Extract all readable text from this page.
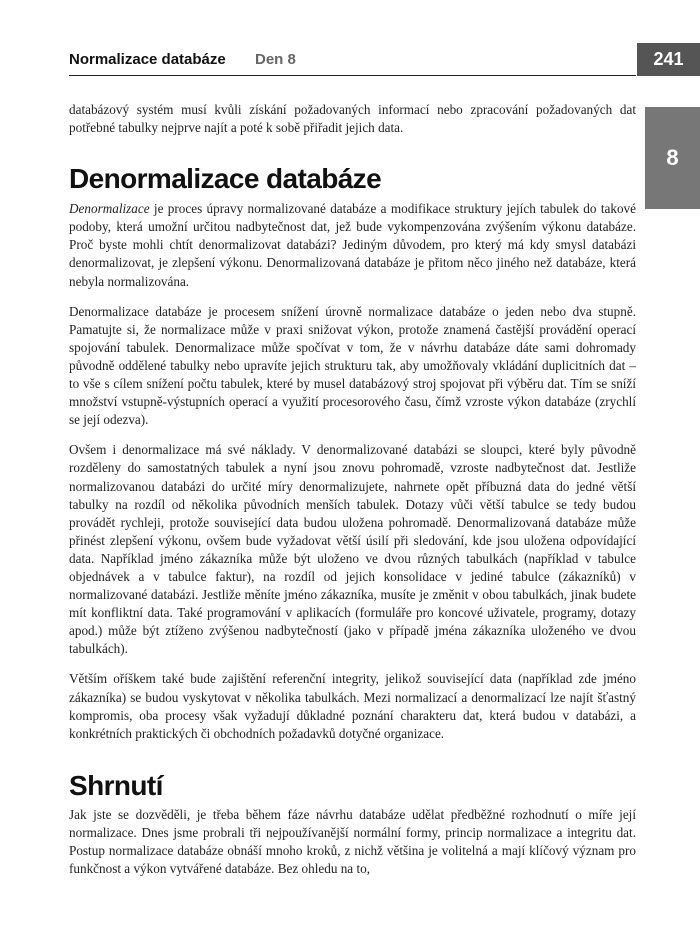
Normalizace databáze Den 8	241
8

databázový systém musí kvůli získání požadovaných informací nebo zpracování požadovaných dat potřebné tabulky nejprve najít a poté k sobě přiřadit jejich data.

Denormalizace databáze

Denormalizace je proces úpravy normalizované databáze a modifikace struktury jejích tabulek do takové podoby, která umožní určitou nadbytečnost dat, jež bude vykompenzována zvýšením výkonu databáze. Proč byste mohli chtít denormalizovat databázi? Jediným důvodem, pro který má kdy smysl databázi denormalizovat, je zlepšení výkonu. Denormalizovaná databáze je přitom něco jiného než databáze, která nebyla normalizována.

Denormalizace databáze je procesem snížení úrovně normalizace databáze o jeden nebo dva stupně. Pamatujte si, že normalizace může v praxi snižovat výkon, protože znamená častější provádění operací spojování tabulek. Denormalizace může spočívat v tom, že v návrhu databáze dáte sami dohromady původně oddělené tabulky nebo upravíte jejich strukturu tak, aby umožňovaly vkládání duplicitních dat – to vše s cílem snížení počtu tabulek, které by musel databázový stroj spojovat při výběru dat. Tím se sníží množství vstupně-výstupních operací a využití procesorového času, čímž vzroste výkon databáze (zrychlí se její odezva).

Ovšem i denormalizace má své náklady. V denormalizované databázi se sloupci, které byly původně rozděleny do samostatných tabulek a nyní jsou znovu pohromadě, vzroste nadbytečnost dat. Jestliže normalizovanou databázi do určité míry denormalizujete, nahrnete opět příbuzná data do jedné větší tabulky na rozdíl od několika původních menších tabulek. Dotazy vůči větší tabulce se tedy budou provádět rychleji, protože související data budou uložena pohromadě. Denormalizovaná databáze může přinést zlepšení výkonu, ovšem bude vyžadovat větší úsilí při sledování, kde jsou uložena odpovídající data. Například jméno zákazníka může být uloženo ve dvou různých tabulkách (například v tabulce objednávek a v tabulce faktur), na rozdíl od jejich konsolidace v jediné tabulce (zákazníků) v normalizované databázi. Jestliže měníte jméno zákazníka, musíte je změnit v obou tabulkách, jinak budete mít konfliktní data. Také programování v aplikacích (formuláře pro koncové uživatele, programy, dotazy apod.) může být ztíženo zvýšenou nadbytečností (jako v případě jména zákazníka uloženého ve dvou tabulkách).

Větším oříškem také bude zajištění referenční integrity, jelikož související data (například zde jméno zákazníka) se budou vyskytovat v několika tabulkách. Mezi normalizací a denormalizací lze najít šťastný kompromis, oba procesy však vyžadují důkladné poznání charakteru dat, která budou v databázi, a konkrétních praktických či obchodních požadavků dotyčné organizace.

Shrnutí

Jak jste se dozvěděli, je třeba během fáze návrhu databáze udělat předběžné rozhodnutí o míře její normalizace. Dnes jsme probrali tři nejpoužívanější normální formy, princip normalizace a integritu dat. Postup normalizace databáze obnáší mnoho kroků, z nichž většina je volitelná a mají klíčový význam pro funkčnost a výkon vytvářené databáze. Bez ohledu na to,
